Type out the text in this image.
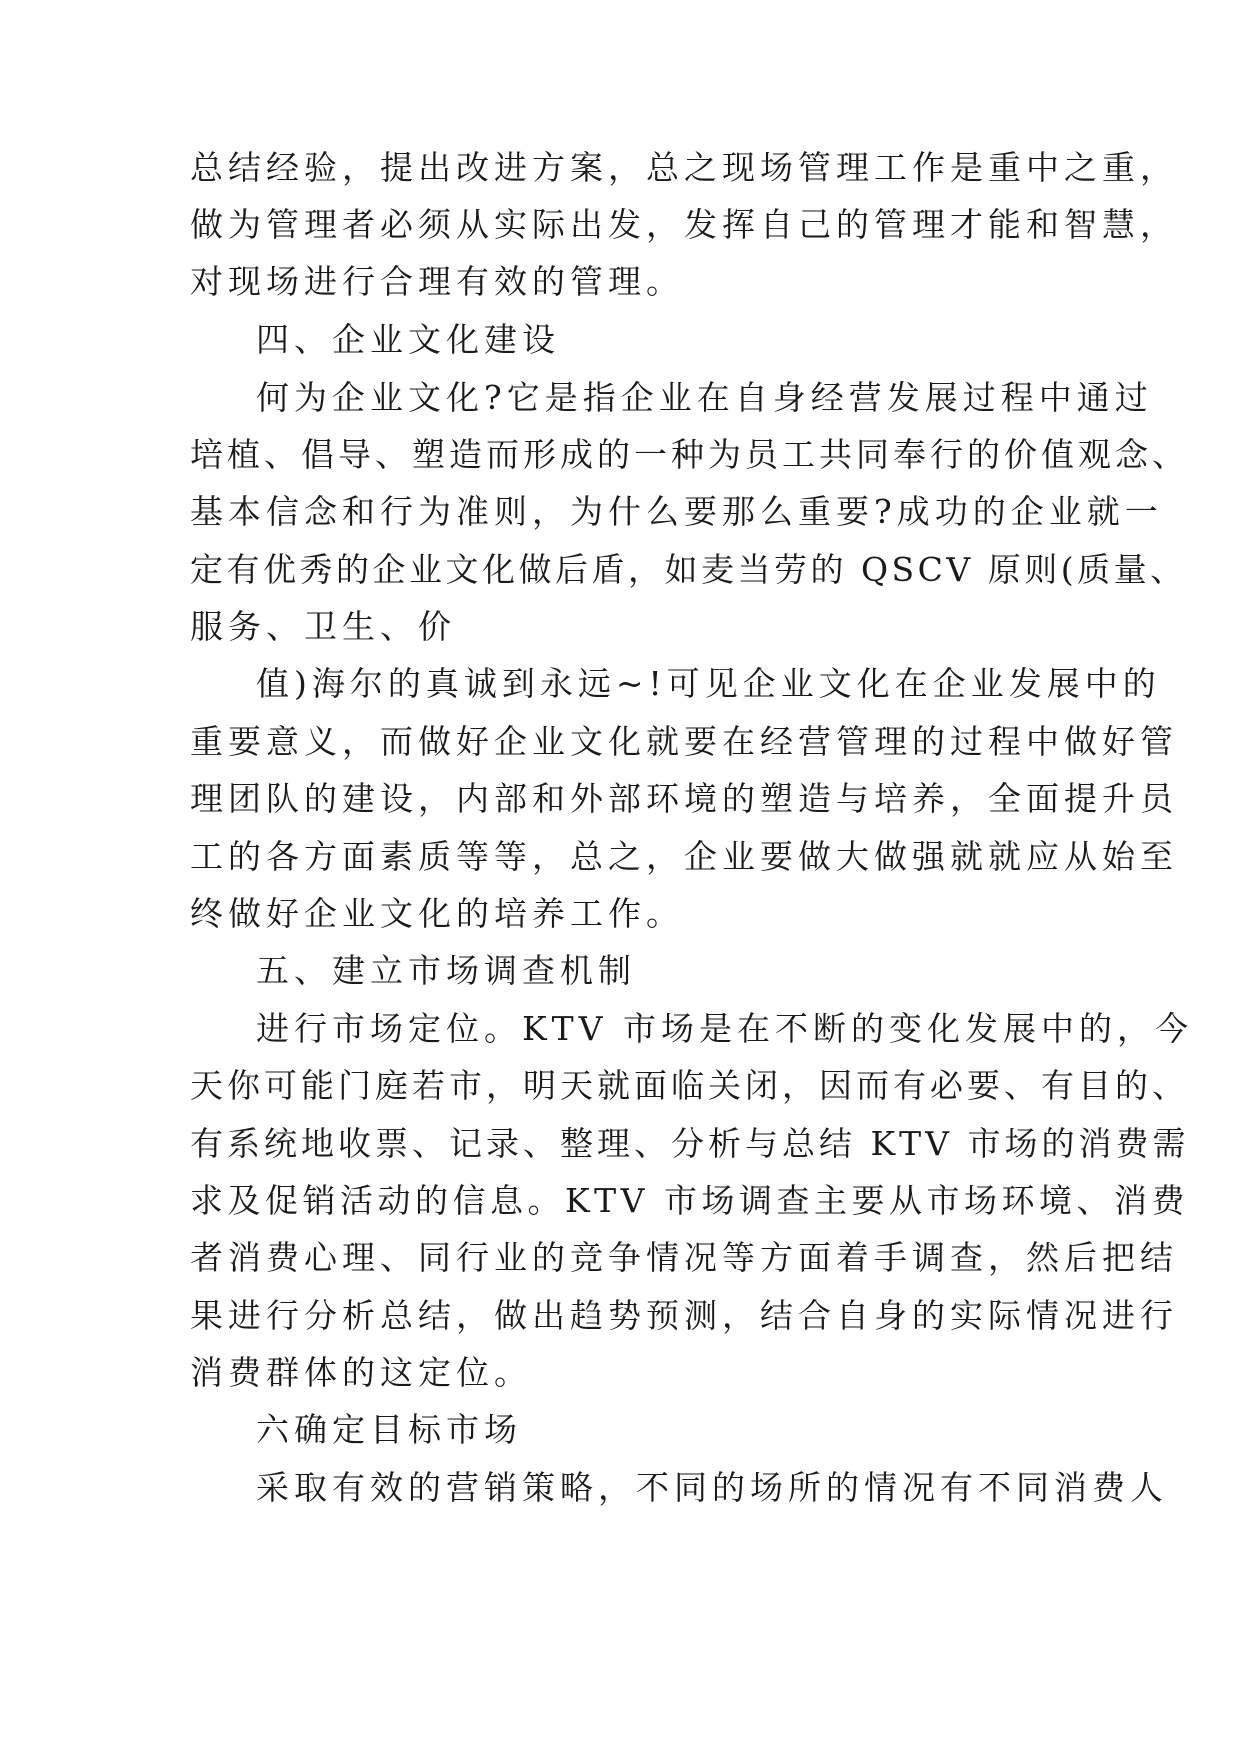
总结经验，提出改进方案，总之现场管理工作是重中之重，
做为管理者必须从实际出发，发挥自己的管理才能和智慧，
对现场进行合理有效的管理。
四、企业文化建设
何为企业文化?它是指企业在自身经营发展过程中通过
培植、倡导、塑造而形成的一种为员工共同奉行的价值观念、
基本信念和行为准则，为什么要那么重要?成功的企业就一
定有优秀的企业文化做后盾，如麦当劳的 QSCV 原则(质量、
服务、卫生、价
值)海尔的真诚到永远~!可见企业文化在企业发展中的
重要意义，而做好企业文化就要在经营管理的过程中做好管
理团队的建设，内部和外部环境的塑造与培养，全面提升员
工的各方面素质等等，总之，企业要做大做强就就应从始至
终做好企业文化的培养工作。
五、建立市场调查机制
进行市场定位。KTV 市场是在不断的变化发展中的，今
天你可能门庭若市，明天就面临关闭，因而有必要、有目的、
有系统地收票、记录、整理、分析与总结 KTV 市场的消费需
求及促销活动的信息。KTV 市场调查主要从市场环境、消费
者消费心理、同行业的竞争情况等方面着手调查，然后把结
果进行分析总结，做出趋势预测，结合自身的实际情况进行
消费群体的这定位。
六确定目标市场
采取有效的营销策略，不同的场所的情况有不同消费人
